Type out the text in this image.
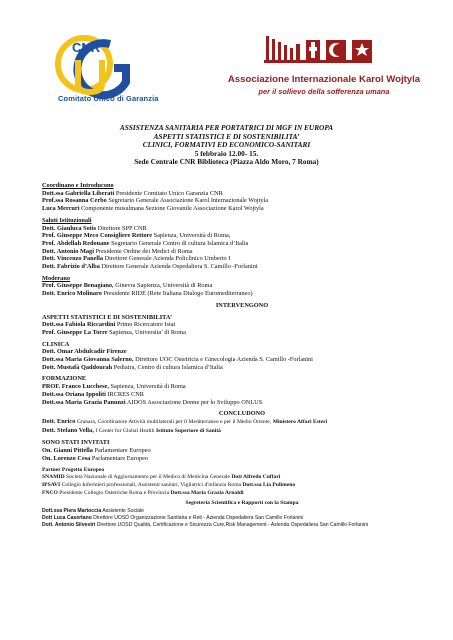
CNR
Comitato Unico di Garanzia
Associazione Internazionale Karol Wojtyla
per il sollievo della sofferenza umana
ASSISTENZA SANITARIA PER PORTATRICI DI MGF IN EUROPA
ASPETTI STATISTICI E DI SOSTENIBILITA’
CLINICI, FORMATIVI ED ECONOMICO-SANITARI
5 febbraio 12.00- 15.
Sede Centrale CNR Biblioteca (Piazza Aldo Moro, 7 Roma)
Coordinano e Introducono
Dott.ssa Gabriella Liberati Presidente Comitato Unico Garanzia CNR
Prof.ssa Rosanna Cerbo Segretario Generale Associazione Karol Internazionale Wojtyla
Luca Mercuri Componente musulmana Sezione Giovanile Associazione Karol Wojtyla
Saluti Istituzionali
Dott. Gianluca Sotis Direttore SPP CNR
Prof. Giuseppe Meco Consigliere Rettore Sapienza, Università di Roma,
Prof. Abdellah Redouane Segretario Generale Centro di cultura Islamica d’Italia
Dott. Antonio Magi Presidente Ordine dei Medici di Roma
Dott. Vincenzo Panella Direttore Generale Azienda Policlinico Umberto I
Dott. Fabrizio d’Alba Direttore Generale Azienda Ospedaliera S. Camillo -Forlanini
Moderano
Prof. Giuseppe Benagiano, Ginevra Sapienza, Università di Roma
Dott. Enrico Molinaro Presidente RIDE (Rete Italiana Dialogo Euromediterraneo)
INTERVENGONO
ASPETTI STATISTICI E DI SOSTENIBILITA’
Dott.ssa Fabiola Riccardini Primo Ricercatore Istat
Prof. Giuseppe La Torre Sapienza, Universita’ di Roma
CLINICA
Dott. Omar Abdulcadir Firenze
Dott.ssa Maria Giovanna Salerno, Direttore UOC Ostetricia e Ginecologia Azienda S. Camillo -Forlanini
Dott. Mustafà Qaddourah Pediatra, Centro di cultura Islamica d’Italia
FORMAZIONE
PROF. Franco Lucchese, Sapienza, Università di Roma
Dott.ssa Oriana Ippoliti IRCRES CNR
Dott.ssa Maria Grazia Panunzi AIDOS Associazione Donne per lo Sviluppo ONLUS
CONCLUDONO
Dott. Enrico Granara, Coordinatore Attività multilaterali per il Mediterraneo e per il Medio Oriente, Ministero Affari Esteri
Dott. Stefano Vella, I Center for Global Health Istituto Superiore di Sanità
SONO STATI INVITATI
On. Gianni Pittella Parlamentare Europeo
On. Lorenzo Cesa Parlamentare Europeo
Partner Progetto Europeo
SNAMID Società Nazionale di Aggiornamento per il Medico di Medicina Generale Dott Alfredo Cuffari
IPSAVI Collegio Infermieri professionali, Assistenti sanitari, Vigilatrici d'infanzia Roma Dott.ssa Lia Pulimeno
FNCO Presidente Collegio Ostetriche Roma e Provincia Dott.ssa Maria Grazia Arnaldi
Segreteria Scientifica e Rapporti con la Stampa
Dott.ssa Piera Martoccia Assistente Sociale
Dott Luca Casertano Direttore UOSD Organizzazione Sanitaria e Reti - Azienda Ospedaliera San Camillo Forlanini
Dott. Antonio Silvestri Direttore UOSD Qualità, Certificazione e Sicurezza Cure,Risk Management - Azienda Ospedaliera San Camillo Forlanini
